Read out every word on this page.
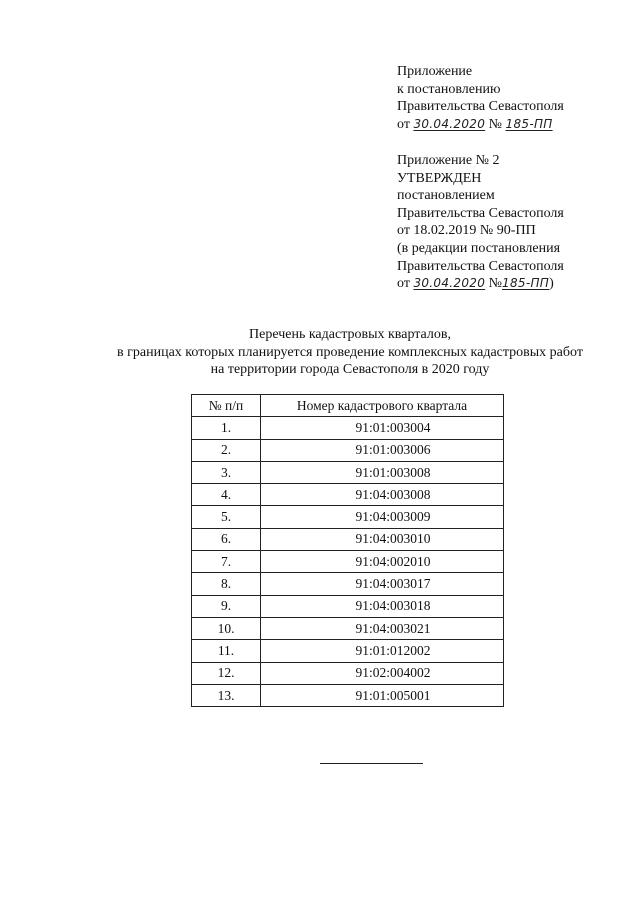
Приложение
к постановлению
Правительства Севастополя
от 30.04.2020 № 185-ПП
Приложение № 2
УТВЕРЖДЕН
постановлением
Правительства Севастополя
от 18.02.2019 № 90-ПП
(в редакции постановления
Правительства Севастополя
от 30.04.2020 №185-ПП)
Перечень кадастровых кварталов,
в границах которых планируется проведение комплексных кадастровых работ
на территории города Севастополя в 2020 году
№ п/п	Номер кадастрового квартала
1.	91:01:003004
2.	91:01:003006
3.	91:01:003008
4.	91:04:003008
5.	91:04:003009
6.	91:04:003010
7.	91:04:002010
8.	91:04:003017
9.	91:04:003018
10.	91:04:003021
11.	91:01:012002
12.	91:02:004002
13.	91:01:005001
